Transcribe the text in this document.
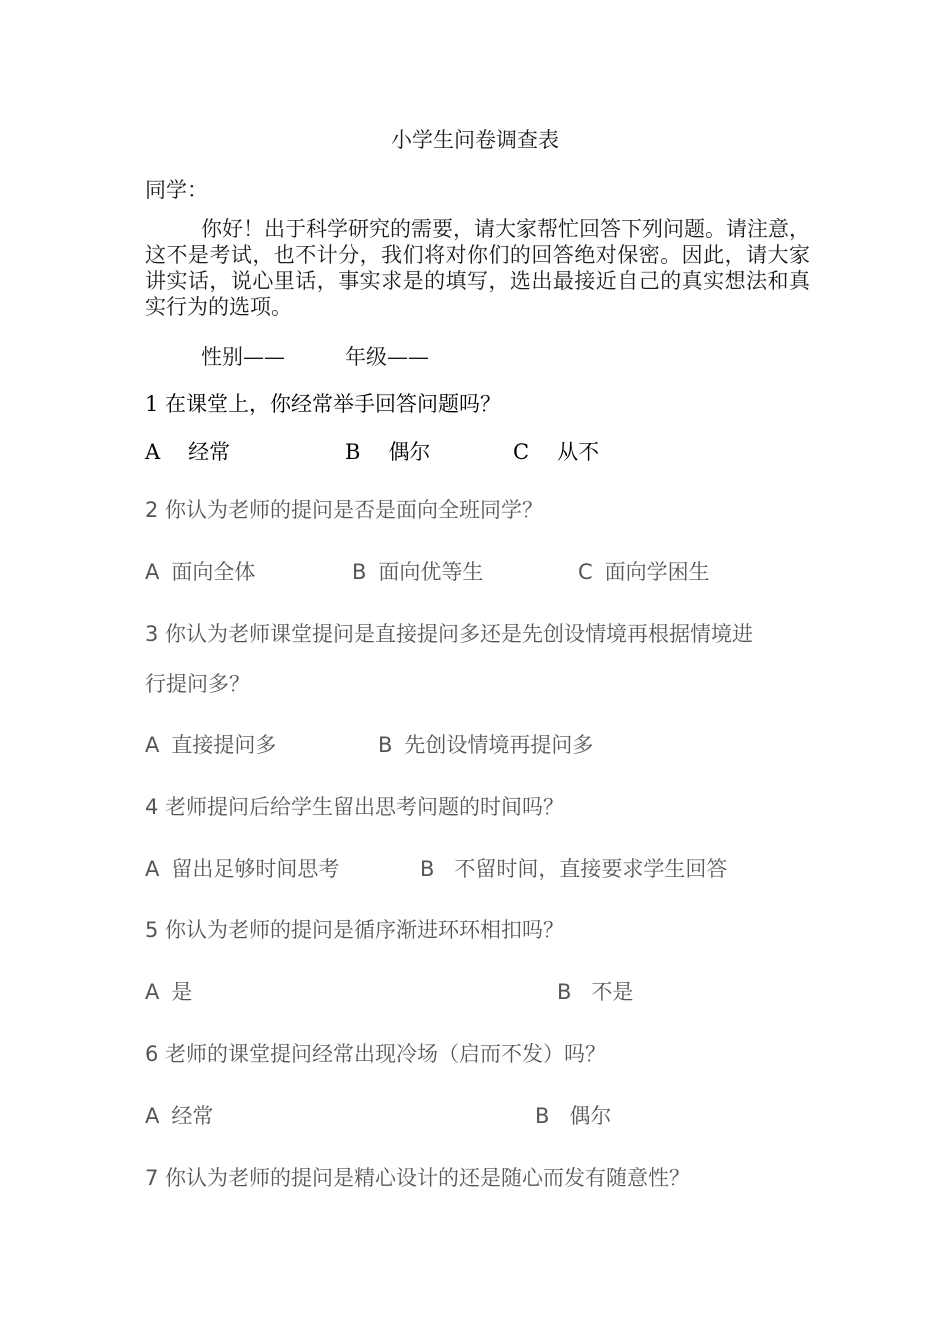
小学生问卷调查表
同学：
你好！出于科学研究的需要，请大家帮忙回答下列问题。请注意，这不是考试，也不计分，我们将对你们的回答绝对保密。因此，请大家讲实话，说心里话，事实求是的填写，选出最接近自己的真实想法和真实行为的选项。
性别——	年级——
1 在课堂上，你经常举手回答问题吗？
A 经常	B 偶尔	C 从不
2 你认为老师的提问是否是面向全班同学？
A 面向全体	B 面向优等生	C 面向学困生
3 你认为老师课堂提问是直接提问多还是先创设情境再根据情境进
行提问多？
A 直接提问多	B 先创设情境再提问多
4 老师提问后给学生留出思考问题的时间吗？
A 留出足够时间思考	B 不留时间，直接要求学生回答
5 你认为老师的提问是循序渐进环环相扣吗？
A 是	B 不是
6 老师的课堂提问经常出现冷场（启而不发）吗？
A 经常	B 偶尔
7 你认为老师的提问是精心设计的还是随心而发有随意性？
